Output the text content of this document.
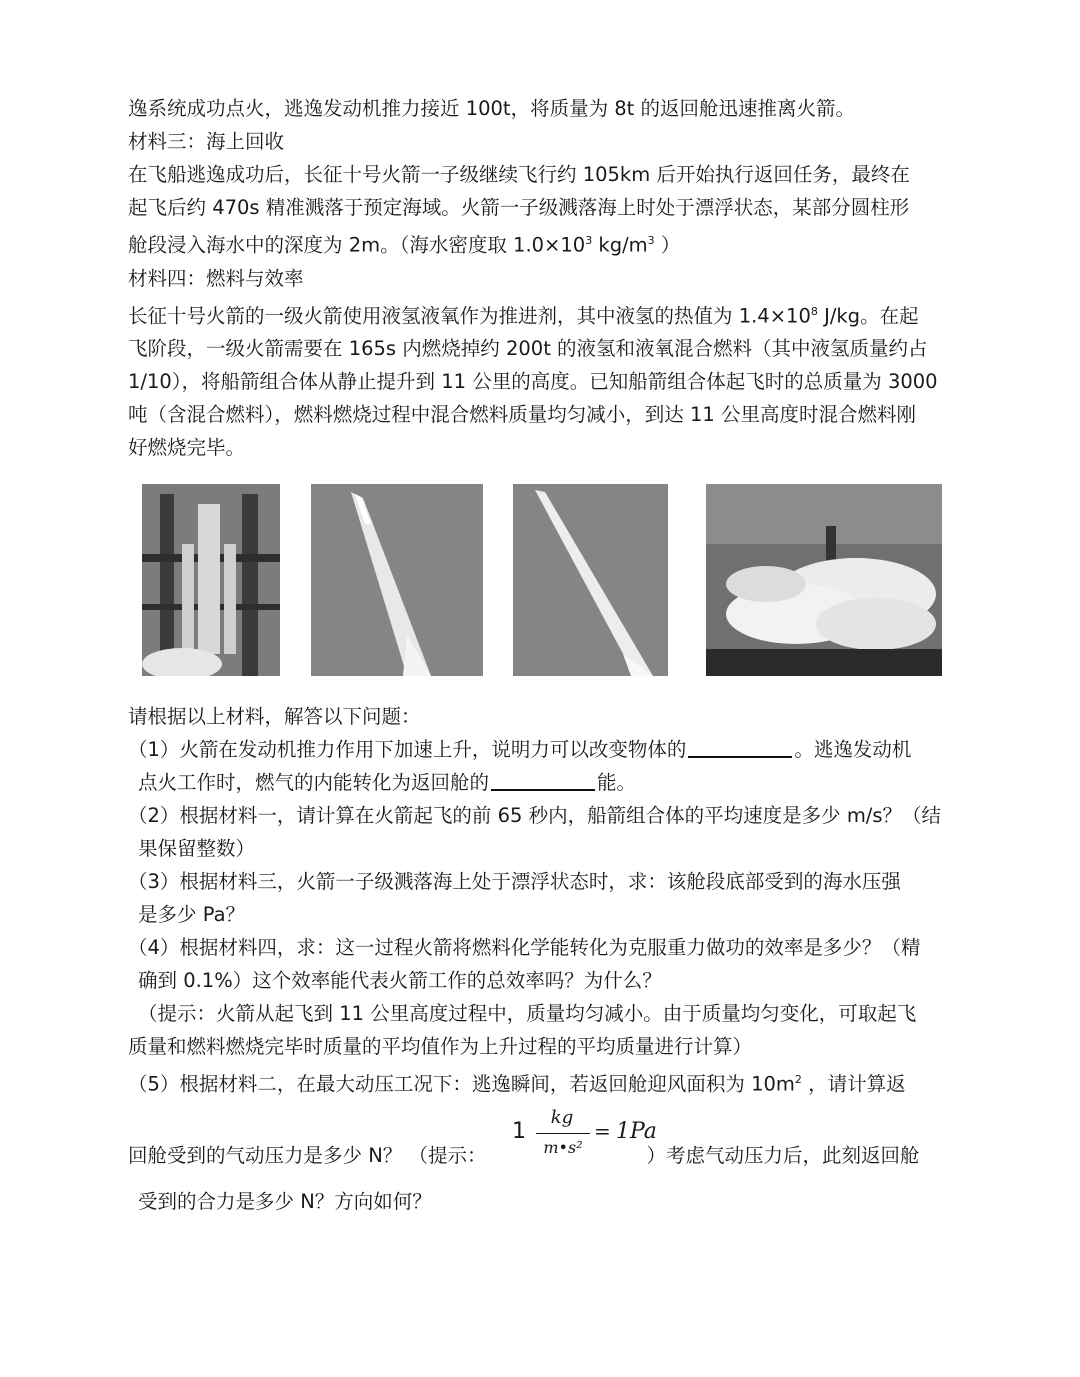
逸系统成功点火，逃逸发动机推力接近 100t，将质量为 8t 的返回舱迅速推离火箭。
材料三：海上回收
在飞船逃逸成功后，长征十号火箭一子级继续飞行约 105km 后开始执行返回任务，最终在
起飞后约 470s 精准溅落于预定海域。火箭一子级溅落海上时处于漂浮状态，某部分圆柱形
舱段浸入海水中的深度为 2m。（海水密度取 $1.0\times 10^3$ $kg/m^3$ ）
材料四：燃料与效率
长征十号火箭的一级火箭使用液氢液氧作为推进剂，其中液氢的热值为 $1.4\times 10^8$ J/kg。在起
飞阶段，一级火箭需要在 165s 内燃烧掉约 200t 的液氢和液氧混合燃料（其中液氢质量约占
1/10），将船箭组合体从静止提升到 11 公里的高度。已知船箭组合体起飞时的总质量为 3000
吨（含混合燃料），燃料燃烧过程中混合燃料质量均匀减小，到达 11 公里高度时混合燃料刚
好燃烧完毕。
请根据以上材料，解答以下问题：
（1）火箭在发动机推力作用下加速上升，说明力可以改变物体的	。逃逸发动机
点火工作时，燃气的内能转化为返回舱的	能。
（2）根据材料一，请计算在火箭起飞的前 65 秒内，船箭组合体的平均速度是多少 m/s？（结
果保留整数）
（3）根据材料三，火箭一子级溅落海上处于漂浮状态时，求：该舱段底部受到的海水压强
是多少 Pa？
（4）根据材料四，求：这一过程火箭将燃料化学能转化为克服重力做功的效率是多少？（精
确到 0.1%）这个效率能代表火箭工作的总效率吗？为什么？
（提示：火箭从起飞到 11 公里高度过程中，质量均匀减小。由于质量均匀变化，可取起飞
质量和燃料燃烧完毕时质量的平均值作为上升过程的平均质量进行计算）
（5）根据材料二，在最大动压工况下：逃逸瞬间，若返回舱迎风面积为 $10m^2$ ，请计算返
回舱受到的气动压力是多少 N？ （提示：	）考虑气动压力后，此刻返回舱
1
kg
m•s²
= 1Pa
受到的合力是多少 N？方向如何？
